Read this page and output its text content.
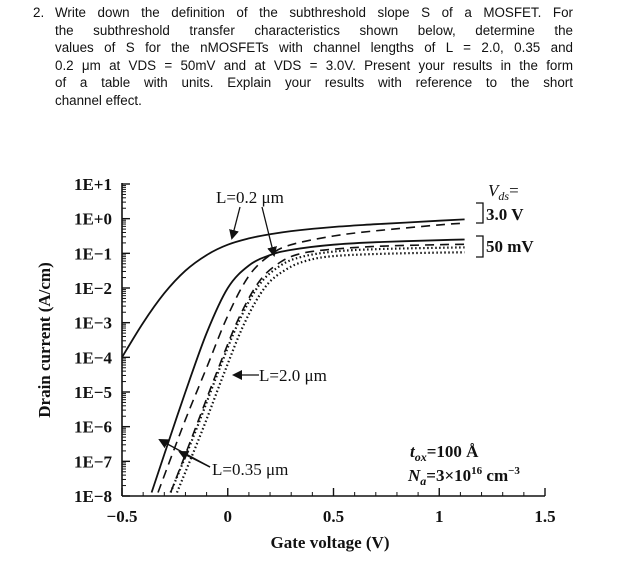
2. Write down the definition of the subthreshold slope S of a MOSFET. For
the subthreshold transfer characteristics shown below, determine the
values of S for the nMOSFETs with channel lengths of L = 2.0, 0.35 and
0.2 μm at VDS = 50mV and at VDS = 3.0V. Present your results in the form
of a table with units. Explain your results with reference to the short
channel effect.
1E+1
1E+0
1E−1
1E−2
1E−3
1E−4
1E−5
1E−6
1E−7
1E−8
−0.5	0	0.5	1	1.5
Gate voltage (V)
Drain current (A/cm)
L=0.2 μm
L=2.0 μm
L=0.35 μm
$V_{ds}=$
3.0 V
50 mV
$t_{ox}=100$ Å
$N_a=3\times 10^{16}$ $cm^{-3}$
